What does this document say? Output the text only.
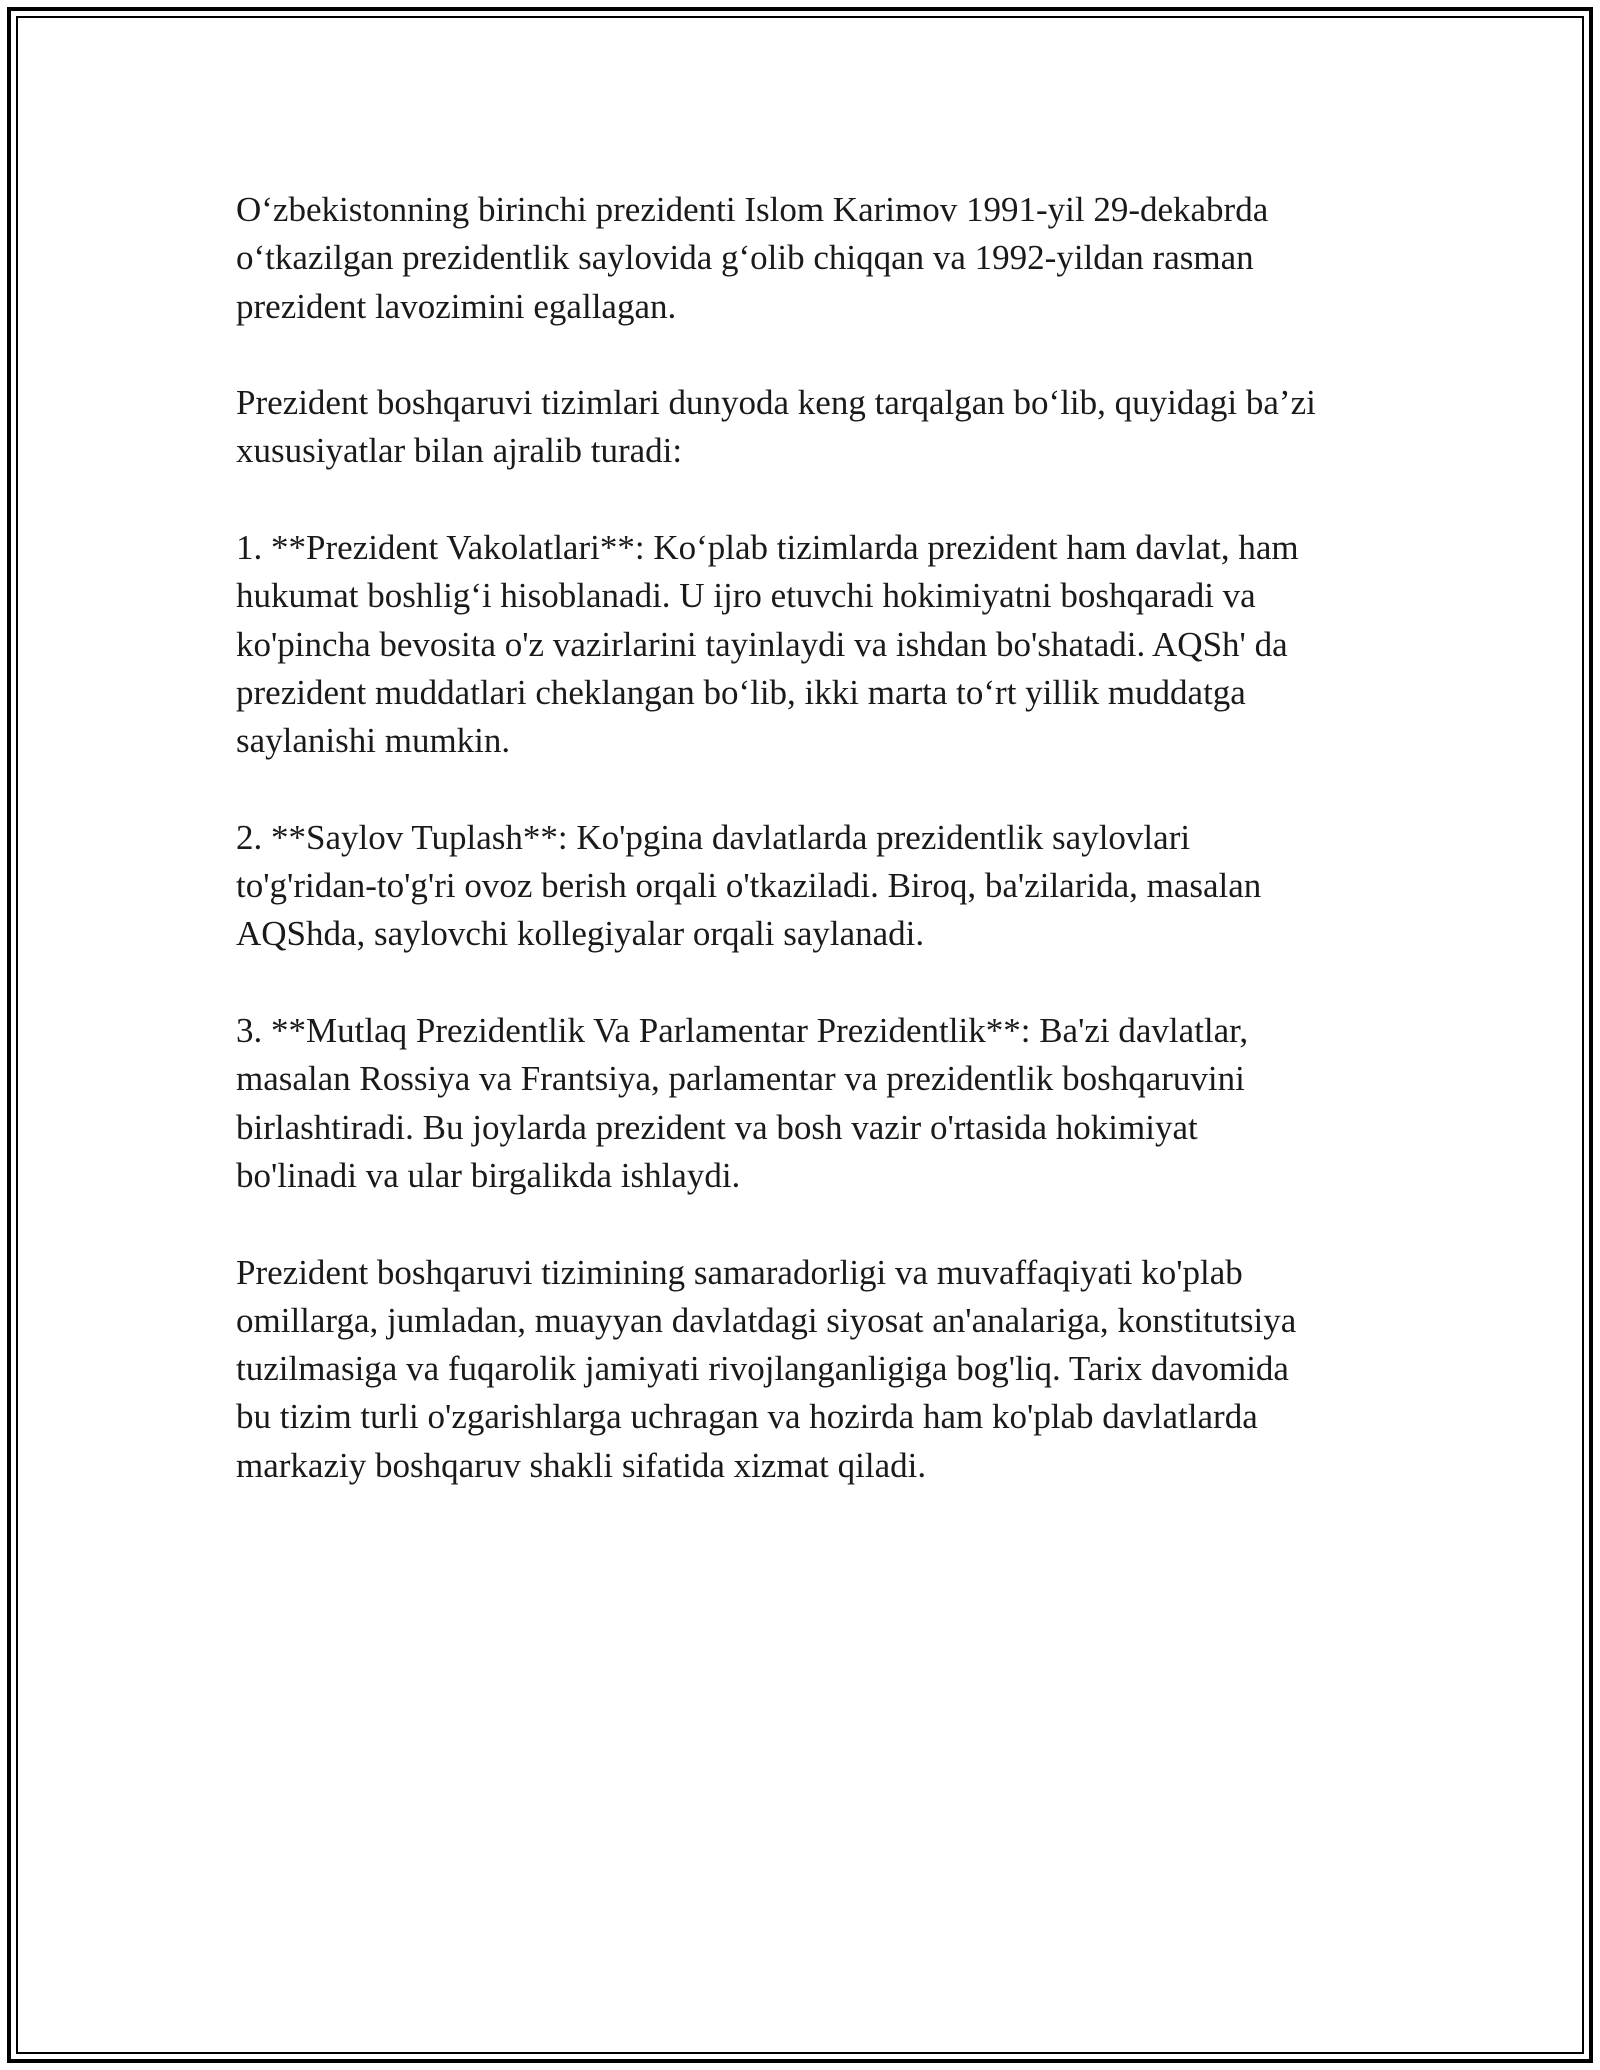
O‘zbekistonning birinchi prezidenti Islom Karimov 1991-yil 29-dekabrda
o‘tkazilgan prezidentlik saylovida g‘olib chiqqan va 1992-yildan rasman
prezident lavozimini egallagan.

Prezident boshqaruvi tizimlari dunyoda keng tarqalgan bo‘lib, quyidagi ba’zi
xususiyatlar bilan ajralib turadi:

1. **Prezident Vakolatlari**: Ko‘plab tizimlarda prezident ham davlat, ham
hukumat boshlig‘i hisoblanadi. U ijro etuvchi hokimiyatni boshqaradi va
ko'pincha bevosita o'z vazirlarini tayinlaydi va ishdan bo'shatadi. AQSh' da
prezident muddatlari cheklangan bo‘lib, ikki marta to‘rt yillik muddatga
saylanishi mumkin.

2. **Saylov Tuplash**: Ko'pgina davlatlarda prezidentlik saylovlari
to'g'ridan-to'g'ri ovoz berish orqali o'tkaziladi. Biroq, ba'zilarida, masalan
AQShda, saylovchi kollegiyalar orqali saylanadi.

3. **Mutlaq Prezidentlik Va Parlamentar Prezidentlik**: Ba'zi davlatlar,
masalan Rossiya va Frantsiya, parlamentar va prezidentlik boshqaruvini
birlashtiradi. Bu joylarda prezident va bosh vazir o'rtasida hokimiyat
bo'linadi va ular birgalikda ishlaydi.

Prezident boshqaruvi tizimining samaradorligi va muvaffaqiyati ko'plab
omillarga, jumladan, muayyan davlatdagi siyosat an'analariga, konstitutsiya
tuzilmasiga va fuqarolik jamiyati rivojlanganligiga bog'liq. Tarix davomida
bu tizim turli o'zgarishlarga uchragan va hozirda ham ko'plab davlatlarda
markaziy boshqaruv shakli sifatida xizmat qiladi.
